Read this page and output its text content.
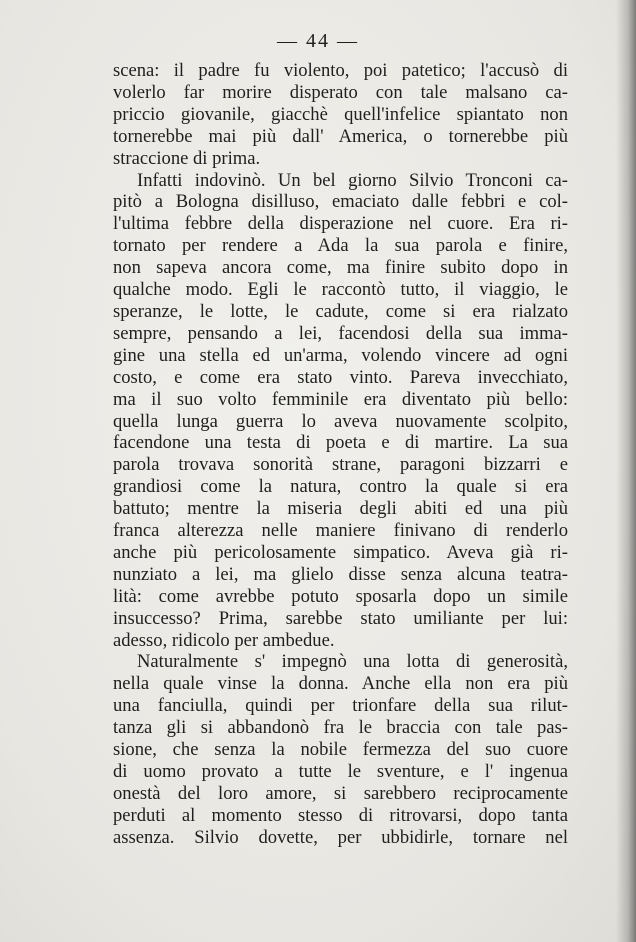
— 44 —
scena: il padre fu violento, poi patetico; l'accusò di
volerlo far morire disperato con tale malsano ca-
priccio giovanile, giacchè quell'infelice spiantato non
tornerebbe mai più dall' America, o tornerebbe più
straccione di prima.
Infatti indovinò. Un bel giorno Silvio Tronconi ca-
pitò a Bologna disilluso, emaciato dalle febbri e col-
l'ultima febbre della disperazione nel cuore. Era ri-
tornato per rendere a Ada la sua parola e finire,
non sapeva ancora come, ma finire subito dopo in
qualche modo. Egli le raccontò tutto, il viaggio, le
speranze, le lotte, le cadute, come si era rialzato
sempre, pensando a lei, facendosi della sua imma-
gine una stella ed un'arma, volendo vincere ad ogni
costo, e come era stato vinto. Pareva invecchiato,
ma il suo volto femminile era diventato più bello:
quella lunga guerra lo aveva nuovamente scolpito,
facendone una testa di poeta e di martire. La sua
parola trovava sonorità strane, paragoni bizzarri e
grandiosi come la natura, contro la quale si era
battuto; mentre la miseria degli abiti ed una più
franca alterezza nelle maniere finivano di renderlo
anche più pericolosamente simpatico. Aveva già ri-
nunziato a lei, ma glielo disse senza alcuna teatra-
lità: come avrebbe potuto sposarla dopo un simile
insuccesso? Prima, sarebbe stato umiliante per lui:
adesso, ridicolo per ambedue.
Naturalmente s' impegnò una lotta di generosità,
nella quale vinse la donna. Anche ella non era più
una fanciulla, quindi per trionfare della sua rilut-
tanza gli si abbandonò fra le braccia con tale pas-
sione, che senza la nobile fermezza del suo cuore
di uomo provato a tutte le sventure, e l' ingenua
onestà del loro amore, si sarebbero reciprocamente
perduti al momento stesso di ritrovarsi, dopo tanta
assenza. Silvio dovette, per ubbidirle, tornare nel
